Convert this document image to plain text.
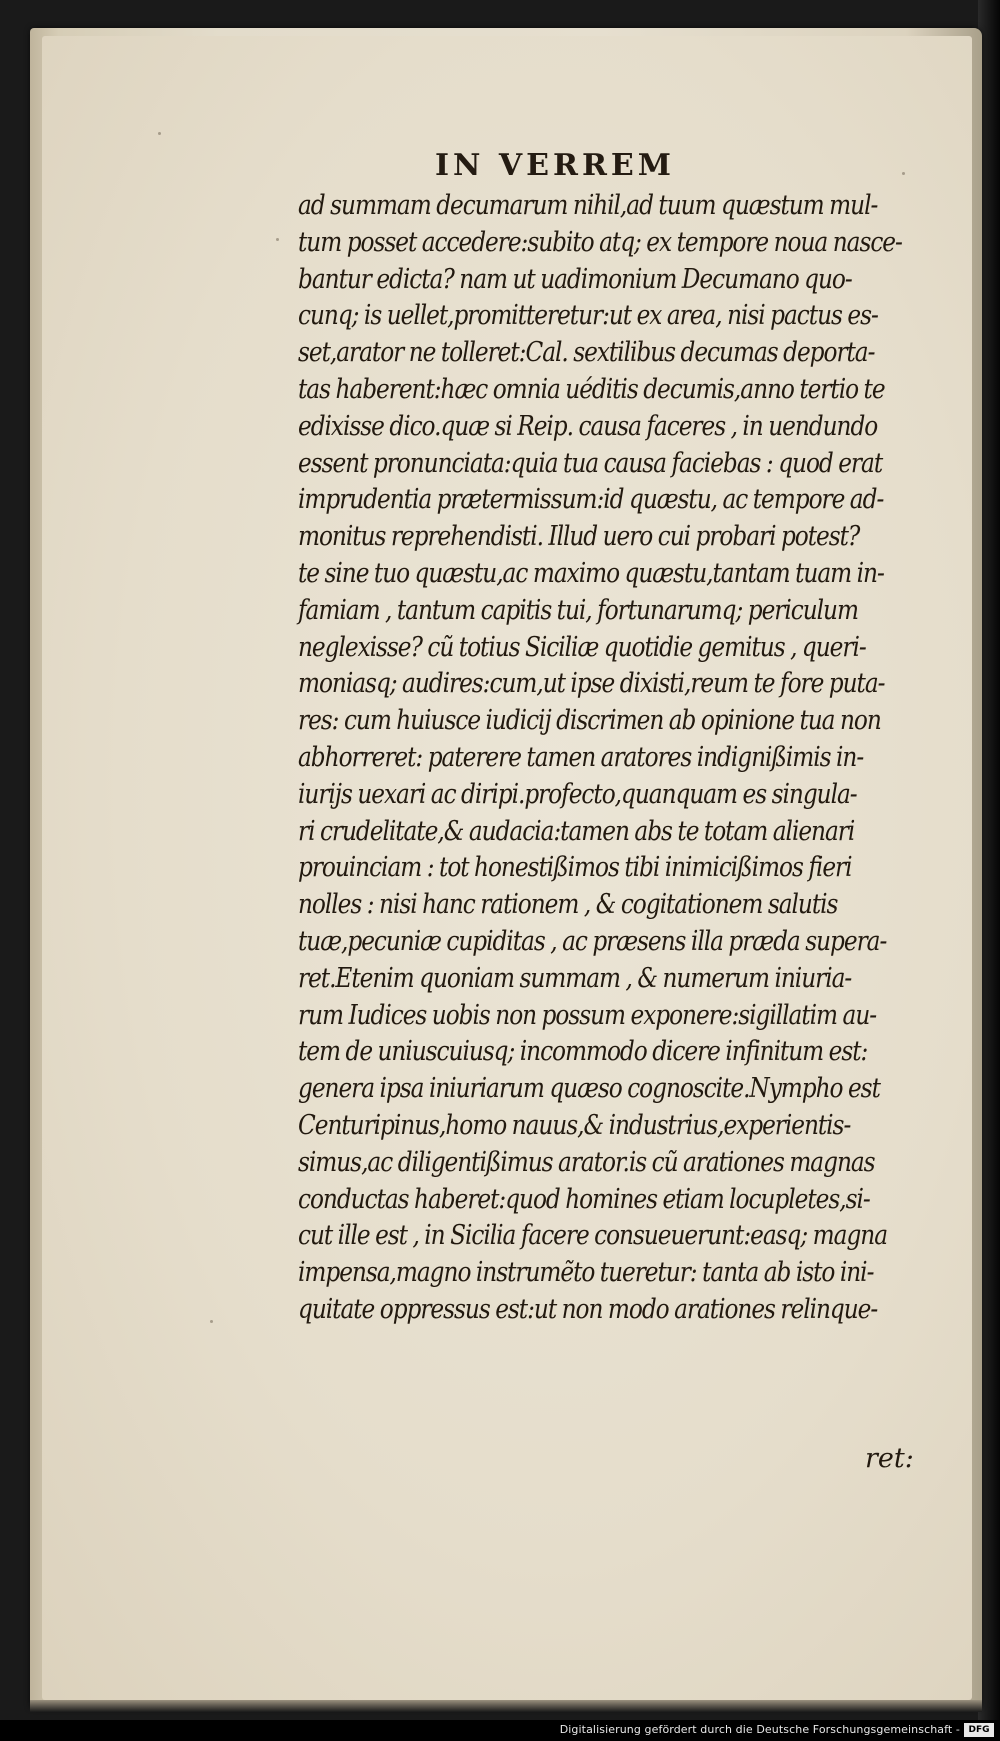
IN VERREM
ad summam decumarum nihil,ad tuum quæstum mul-
tum posset accedere:subito atq; ex tempore noua nasce-
bantur edicta? nam ut uadimonium Decumano quo-
cunq; is uellet,promitteretur:ut ex area, nisi pactus es-
set,arator ne tolleret:Cal. sextilibus decumas deporta-
tas haberent:hæc omnia uéditis decumis,anno tertio te
edixisse dico.quæ si Reip. causa faceres , in uendundo
essent pronunciata:quia tua causa faciebas : quod erat
imprudentia prætermissum:id quæstu, ac tempore ad-
monitus reprehendisti. Illud uero cui probari potest?
te sine tuo quæstu,ac maximo quæstu,tantam tuam in-
famiam , tantum capitis tui, fortunarumq; periculum
neglexisse? cũ totius Siciliæ quotidie gemitus , queri-
moniasq; audires:cum,ut ipse dixisti,reum te fore puta-
res: cum huiusce iudicij discrimen ab opinione tua non
abhorreret: paterere tamen aratores indignißimis in-
iurijs uexari ac diripi.profecto,quanquam es singula-
ri crudelitate,& audacia:tamen abs te totam alienari
prouinciam : tot honestißimos tibi inimicißimos fieri
nolles : nisi hanc rationem , & cogitationem salutis
tuæ,pecuniæ cupiditas , ac præsens illa præda supera-
ret.Etenim quoniam summam , & numerum iniuria-
rum Iudices uobis non possum exponere:sigillatim au-
tem de uniuscuiusq; incommodo dicere infinitum est:
genera ipsa iniuriarum quæso cognoscite.Nympho est
Centuripinus,homo nauus,& industrius,experientis-
simus,ac diligentißimus arator.is cũ arationes magnas
conductas haberet:quod homines etiam locupletes,si-
cut ille est , in Sicilia facere consueuerunt:easq; magna
impensa,magno instrumẽto tueretur: tanta ab isto ini-
quitate oppressus est:ut non modo arationes relinque-
ret:
Digitalisierung gefördert durch die Deutsche Forschungsgemeinschaft - DFG
